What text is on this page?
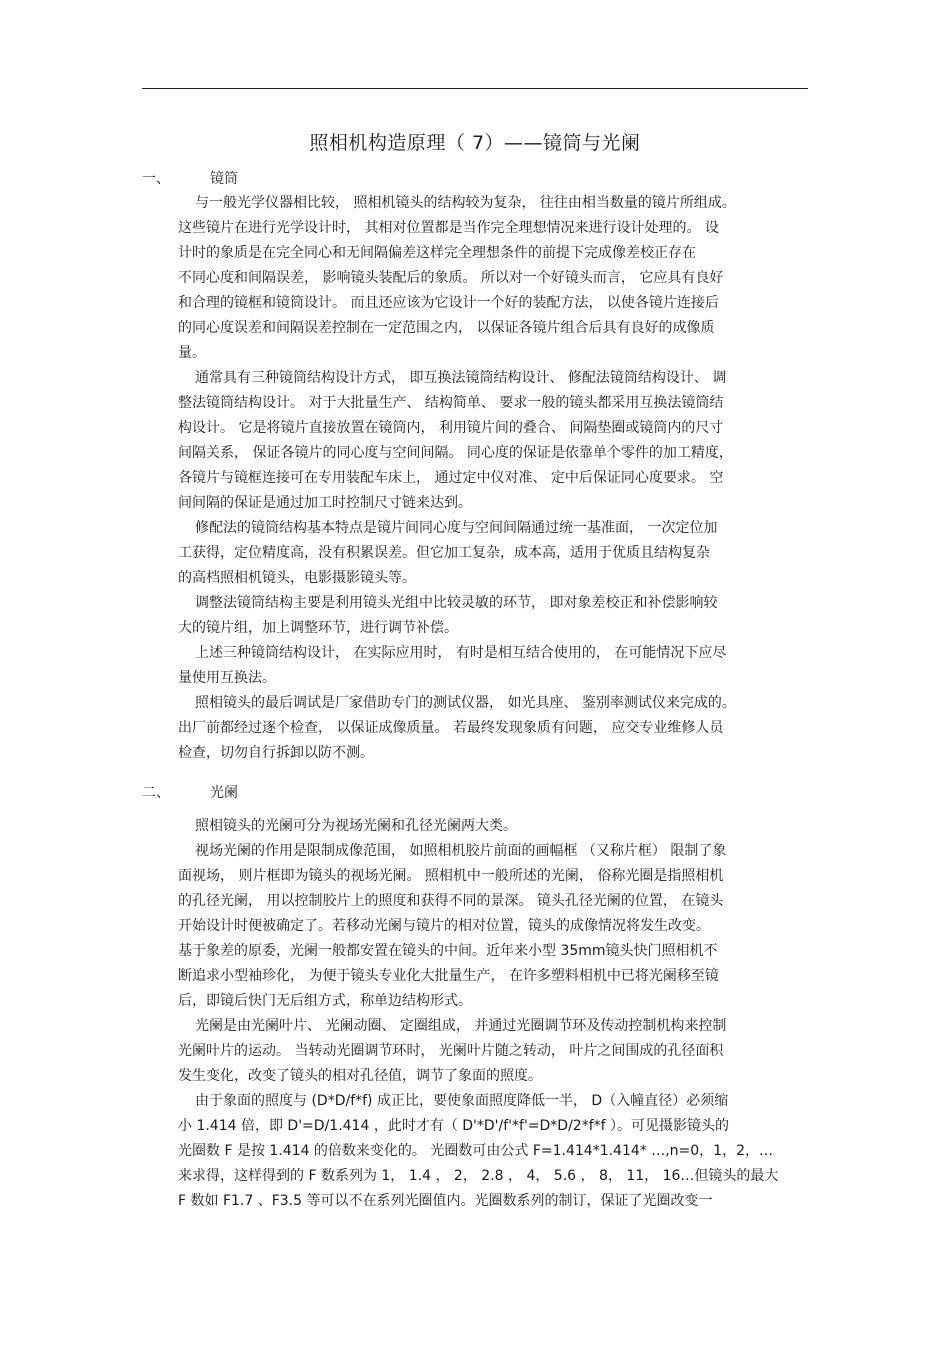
照相机构造原理（ 7）——镜筒与光阑
一、	镜筒
与一般光学仪器相比较， 照相机镜头的结构较为复杂， 往往由相当数量的镜片所组成。
这些镜片在进行光学设计时， 其相对位置都是当作完全理想情况来进行设计处理的。 设
计时的象质是在完全同心和无间隔偏差这样完全理想条件的前提下完成像差校正存在
不同心度和间隔误差， 影响镜头装配后的象质。 所以对一个好镜头而言， 它应具有良好
和合理的镜框和镜筒设计。 而且还应该为它设计一个好的装配方法， 以使各镜片连接后
的同心度误差和间隔误差控制在一定范围之内， 以保证各镜片组合后具有良好的成像质
量。
通常具有三种镜筒结构设计方式， 即互换法镜筒结构设计、 修配法镜筒结构设计、 调
整法镜筒结构设计。 对于大批量生产、 结构简单、 要求一般的镜头都采用互换法镜筒结
构设计。 它是将镜片直接放置在镜筒内， 利用镜片间的叠合、 间隔垫圈或镜筒内的尺寸
间隔关系， 保证各镜片的同心度与空间间隔。 同心度的保证是依靠单个零件的加工精度，
各镜片与镜框连接可在专用装配车床上， 通过定中仪对准、 定中后保证同心度要求。 空
间间隔的保证是通过加工时控制尺寸链来达到。
修配法的镜筒结构基本特点是镜片间同心度与空间间隔通过统一基准面， 一次定位加
工获得，定位精度高，没有积累误差。但它加工复杂，成本高，适用于优质且结构复杂
的高档照相机镜头，电影摄影镜头等。
调整法镜筒结构主要是利用镜头光组中比较灵敏的环节， 即对象差校正和补偿影响较
大的镜片组，加上调整环节，进行调节补偿。
上述三种镜筒结构设计， 在实际应用时， 有时是相互结合使用的， 在可能情况下应尽
量使用互换法。
照相镜头的最后调试是厂家借助专门的测试仪器， 如光具座、 鉴别率测试仪来完成的。
出厂前都经过逐个检查， 以保证成像质量。 若最终发现象质有问题， 应交专业维修人员
检查，切勿自行拆卸以防不测。
二、	光阑
照相镜头的光阑可分为视场光阑和孔径光阑两大类。
视场光阑的作用是限制成像范围， 如照相机胶片前面的画幅框 （又称片框） 限制了象
面视场， 则片框即为镜头的视场光阑。 照相机中一般所述的光阑， 俗称光圈是指照相机
的孔径光阑， 用以控制胶片上的照度和获得不同的景深。 镜头孔径光阑的位置， 在镜头
开始设计时便被确定了。若移动光阑与镜片的相对位置，镜头的成像情况将发生改变。
基于象差的原委，光阑一般都安置在镜头的中间。近年来小型 35mm镜头快门照相机不
断追求小型袖珍化， 为便于镜头专业化大批量生产， 在许多塑料相机中已将光阑移至镜
后，即镜后快门无后组方式，称单边结构形式。
光阑是由光阑叶片、 光阑动圈、 定圈组成， 并通过光圈调节环及传动控制机构来控制
光阑叶片的运动。 当转动光圈调节环时， 光阑叶片随之转动， 叶片之间围成的孔径面积
发生变化，改变了镜头的相对孔径值，调节了象面的照度。
由于象面的照度与 (D*D/f*f) 成正比，要使象面照度降低一半， D（入幢直径）必须缩
小 1.414 倍，即 D'=D/1.414 ，此时才有（ D'*D'/f'*f'=D*D/2*f*f ）。可见摄影镜头的
光圈数 F 是按 1.414 的倍数来变化的。 光圈数可由公式 F=1.414*1.414* …,n=0，1，2，…
来求得，这样得到的 F 数系列为 1， 1.4 ， 2， 2.8 ， 4， 5.6 ， 8， 11， 16…但镜头的最大
F 数如 F1.7 、F3.5 等可以不在系列光圈值内。光圈数系列的制订，保证了光圈改变一
